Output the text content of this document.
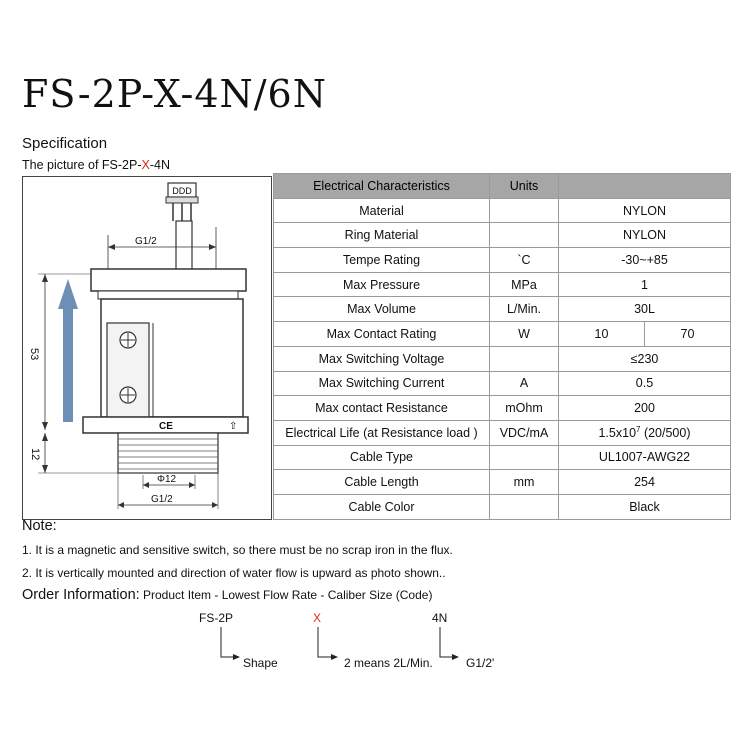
FS-2P-X-4N/6N
Specification
The picture of FS-2P-X-4N
DDD
G1/2
CE	⇧
53
12
Φ12
G1/2
Electrical Characteristics	Units		
Material		NYLON	
Ring Material		NYLON	
Tempe Rating	`C	-30~+85	
Max Pressure	MPa	1	
Max Volume	L/Min.	30L	
Max Contact Rating	W	10	70
Max Switching Voltage		≤230	
Max Switching Current	A	0.5	
Max contact Resistance	mOhm	200	
Electrical Life (at Resistance load )	VDC/mA	$1.5x10^7$ (20/500)	
Cable Type		UL1007-AWG22	
Cable Length	mm	254	
Cable Color		Black	
Note:
1. It is a magnetic and sensitive switch, so there must be no scrap iron in the flux.
2. It is vertically mounted and direction of water flow is upward as photo shown..
Order Information: Product Item - Lowest Flow Rate - Caliber Size (Code)
FS-2P	X	4N
Shape	2 means 2L/Min.	G1/2'
